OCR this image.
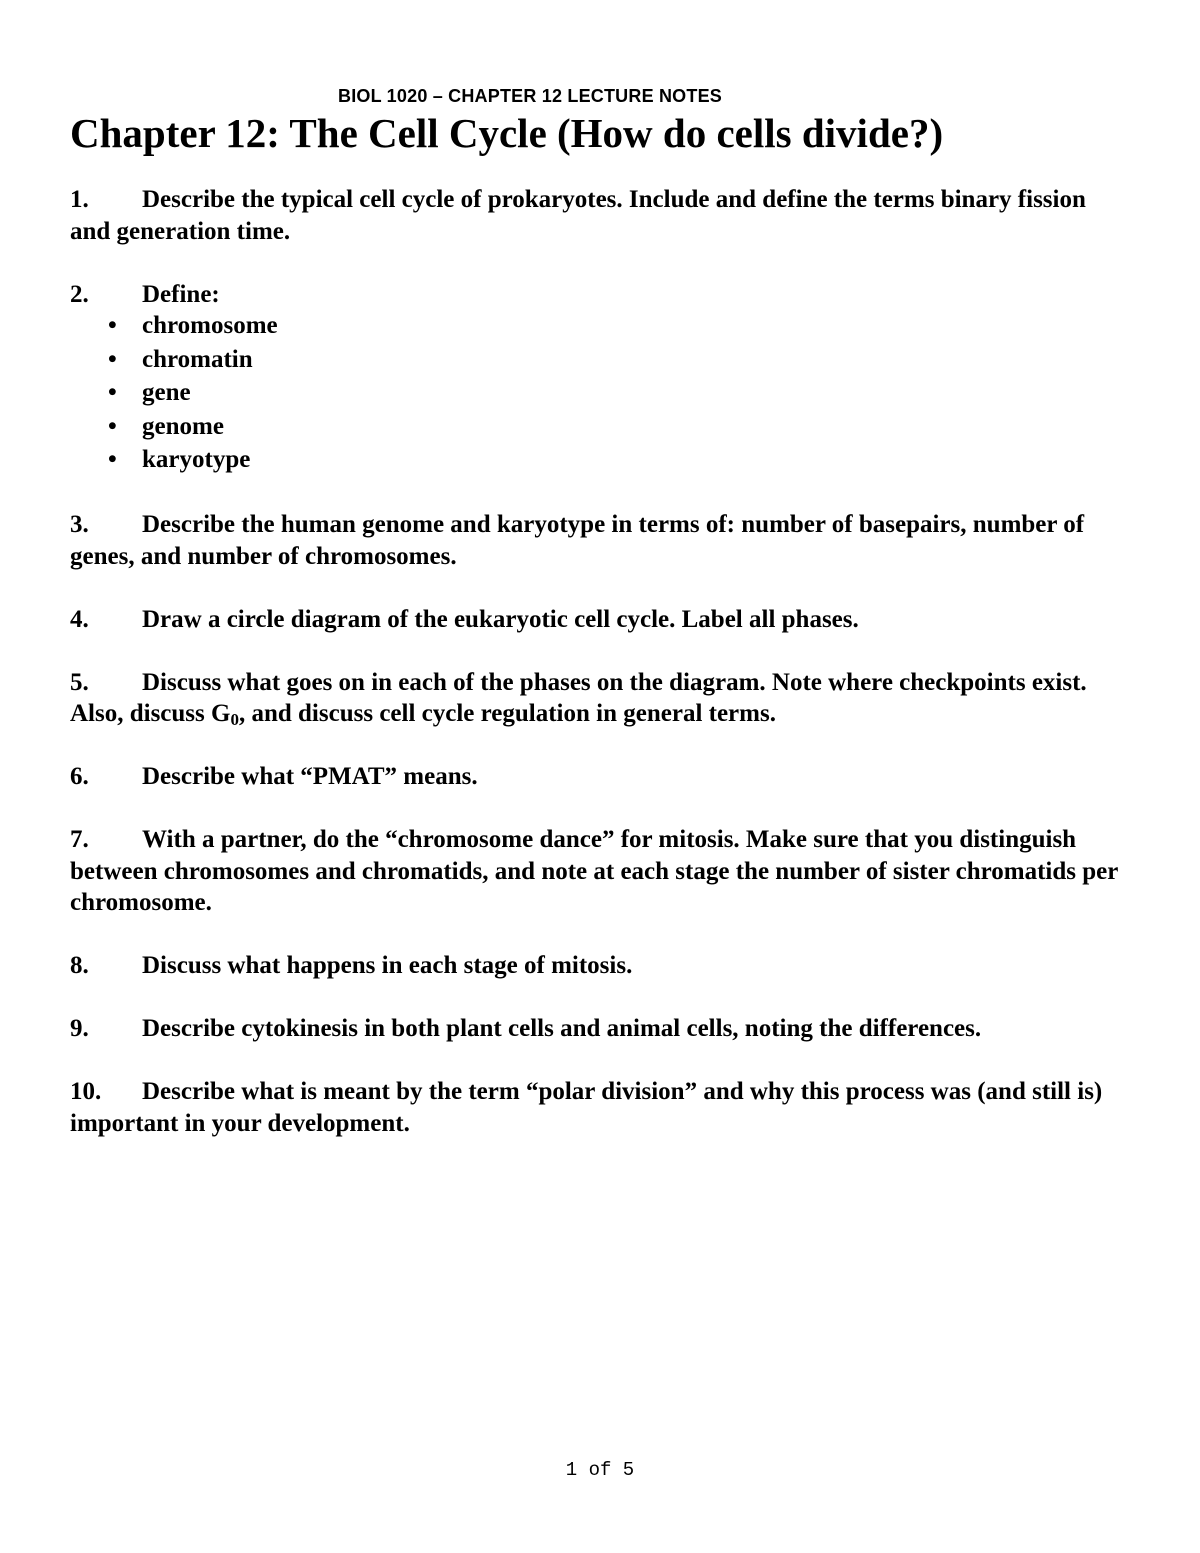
BIOL 1020 – CHAPTER 12 LECTURE NOTES
Chapter 12: The Cell Cycle (How do cells divide?)

1. Describe the typical cell cycle of prokaryotes. Include and define the terms binary fission and generation time.

2. Define:

• chromosome
• chromatin
• gene
• genome
• karyotype

3. Describe the human genome and karyotype in terms of: number of basepairs, number of genes, and number of chromosomes.

4. Draw a circle diagram of the eukaryotic cell cycle. Label all phases.

5. Discuss what goes on in each of the phases on the diagram. Note where checkpoints exist. Also, discuss $G_0$, and discuss cell cycle regulation in general terms.

6. Describe what “PMAT” means.

7. With a partner, do the “chromosome dance” for mitosis. Make sure that you distinguish between chromosomes and chromatids, and note at each stage the number of sister chromatids per chromosome.

8. Discuss what happens in each stage of mitosis.

9. Describe cytokinesis in both plant cells and animal cells, noting the differences.

10. Describe what is meant by the term “polar division” and why this process was (and still is) important in your development.

1 of 5
